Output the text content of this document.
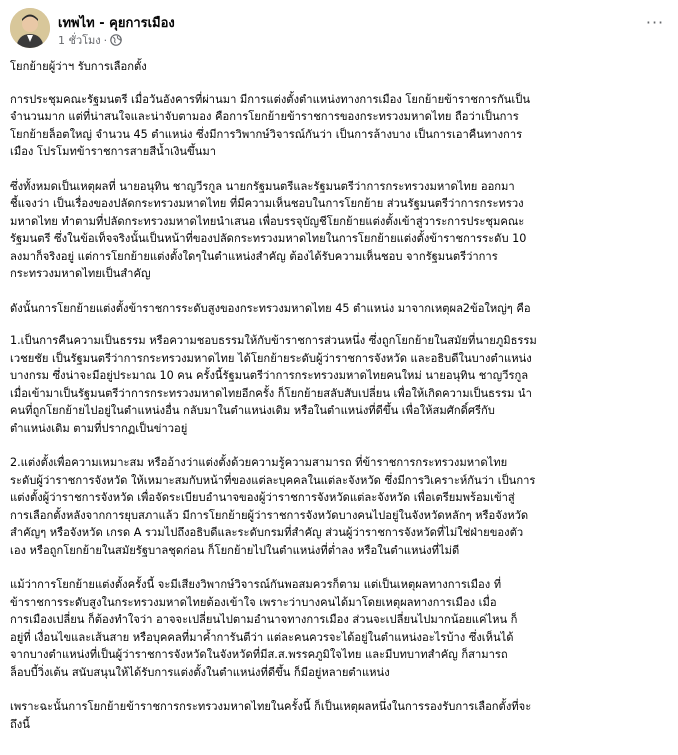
เทพไท - คุยการเมือง
1 ชั่วโมง ·
···

โยกย้ายผู้ว่าฯ รับการเลือกตั้ง

การประชุมคณะรัฐมนตรี เมื่อวันอังคารที่ผ่านมา มีการแต่งตั้งตำแหน่งทางการเมือง โยกย้ายข้าราชการกันเป็น
จำนวนมาก แต่ที่น่าสนใจและน่าจับตามอง คือการโยกย้ายข้าราชการของกระทรวงมหาดไทย ถือว่าเป็นการ
โยกย้ายล็อตใหญ่ จำนวน 45 ตำแหน่ง ซึ่งมีการวิพากษ์วิจารณ์กันว่า เป็นการล้างบาง เป็นการเอาคืนทางการ
เมือง โปรโมทข้าราชการสายสีน้ำเงินขึ้นมา

ซึ่งทั้งหมดเป็นเหตุผลที่ นายอนุทิน ชาญวีรกูล นายกรัฐมนตรีและรัฐมนตรีว่าการกระทรวงมหาดไทย ออกมา
ชี้แจงว่า เป็นเรื่องของปลัดกระทรวงมหาดไทย ที่มีความเห็นชอบในการโยกย้าย ส่วนรัฐมนตรีว่าการกระทรวง
มหาดไทย ทำตามที่ปลัดกระทรวงมหาดไทยนำเสนอ เพื่อบรรจุบัญชีโยกย้ายแต่งตั้งเข้าสู่วาระการประชุมคณะ
รัฐมนตรี ซึ่งในข้อเท็จจริงนั้นเป็นหน้าที่ของปลัดกระทรวงมหาดไทยในการโยกย้ายแต่งตั้งข้าราชการระดับ 10
ลงมาก็จริงอยู่ แต่การโยกย้ายแต่งตั้งใดๆในตำแหน่งสำคัญ ต้องได้รับความเห็นชอบ จากรัฐมนตรีว่าการ
กระทรวงมหาดไทยเป็นสำคัญ

ดังนั้นการโยกย้ายแต่งตั้งข้าราชการระดับสูงของกระทรวงมหาดไทย 45 ตำแหน่ง มาจากเหตุผล2ข้อใหญ่ๆ คือ

1.เป็นการคืนความเป็นธรรม หรือความชอบธรรมให้กับข้าราชการส่วนหนึ่ง ซึ่งถูกโยกย้ายในสมัยที่นายภูมิธรรม
เวชยชัย เป็นรัฐมนตรีว่าการกระทรวงมหาดไทย ได้โยกย้ายระดับผู้ว่าราชการจังหวัด และอธิบดีในบางตำแหน่ง
บางกรม ซึ่งน่าจะมีอยู่ประมาณ 10 คน ครั้งนี้รัฐมนตรีว่าการกระทรวงมหาดไทยคนใหม่ นายอนุทิน ชาญวีรกูล
เมื่อเข้ามาเป็นรัฐมนตรีว่าการกระทรวงมหาดไทยอีกครั้ง ก็โยกย้ายสลับสับเปลี่ยน เพื่อให้เกิดความเป็นธรรม นำ
คนที่ถูกโยกย้ายไปอยู่ในตำแหน่งอื่น กลับมาในตำแหน่งเดิม หรือในตำแหน่งที่ดีขึ้น เพื่อให้สมศักดิ์ศรีกับ
ตำแหน่งเดิม ตามที่ปรากฏเป็นข่าวอยู่

2.แต่งตั้งเพื่อความเหมาะสม หรืออ้างว่าแต่งตั้งด้วยความรู้ความสามารถ ที่ข้าราชการกระทรวงมหาดไทย
ระดับผู้ว่าราชการจังหวัด ให้เหมาะสมกับหน้าที่ของแต่ละบุคคลในแต่ละจังหวัด ซึ่งมีการวิเคราะห์กันว่า เป็นการ
แต่งตั้งผู้ว่าราชการจังหวัด เพื่อจัดระเบียบอำนาจของผู้ว่าราชการจังหวัดแต่ละจังหวัด เพื่อเตรียมพร้อมเข้าสู่
การเลือกตั้งหลังจากการยุบสภาแล้ว มีการโยกย้ายผู้ว่าราชการจังหวัดบางคนไปอยู่ในจังหวัดหลักๆ หรือจังหวัด
สำคัญๆ หรือจังหวัด เกรด A รวมไปถึงอธิบดีและระดับกรมที่สำคัญ ส่วนผู้ว่าราชการจังหวัดที่ไม่ใช่ฝ่ายของตัว
เอง หรือถูกโยกย้ายในสมัยรัฐบาลชุดก่อน ก็โยกย้ายไปในตำแหน่งที่ต่ำลง หรือในตำแหน่งที่ไม่ดี

แม้ว่าการโยกย้ายแต่งตั้งครั้งนี้ จะมีเสียงวิพากษ์วิจารณ์กันพอสมควรก็ตาม แต่เป็นเหตุผลทางการเมือง ที่
ข้าราชการระดับสูงในกระทรวงมหาดไทยต้องเข้าใจ เพราะว่าบางคนได้มาโดยเหตุผลทางการเมือง เมื่อ
การเมืองเปลี่ยน ก็ต้องทำใจว่า อาจจะเปลี่ยนไปตามอำนาจทางการเมือง ส่วนจะเปลี่ยนไปมากน้อยแค่ไหน ก็
อยู่ที่ เงื่อนไขและเส้นสาย หรือบุคคลที่มาค้ำการันตีว่า แต่ละคนควรจะได้อยู่ในตำแหน่งอะไรบ้าง ซึ่งเห็นได้
จากบางตำแหน่งที่เป็นผู้ว่าราชการจังหวัดในจังหวัดที่มีส.ส.พรรคภูมิใจไทย และมีบทบาทสำคัญ ก็สามารถ
ล็อบบี้วิ่งเต้น สนับสนุนให้ได้รับการแต่งตั้งในตำแหน่งที่ดีขึ้น ก็มีอยู่หลายตำแหน่ง

เพราะฉะนั้นการโยกย้ายข้าราชการกระทรวงมหาดไทยในครั้งนี้ ก็เป็นเหตุผลหนึ่งในการรองรับการเลือกตั้งที่จะ
ถึงนี้
